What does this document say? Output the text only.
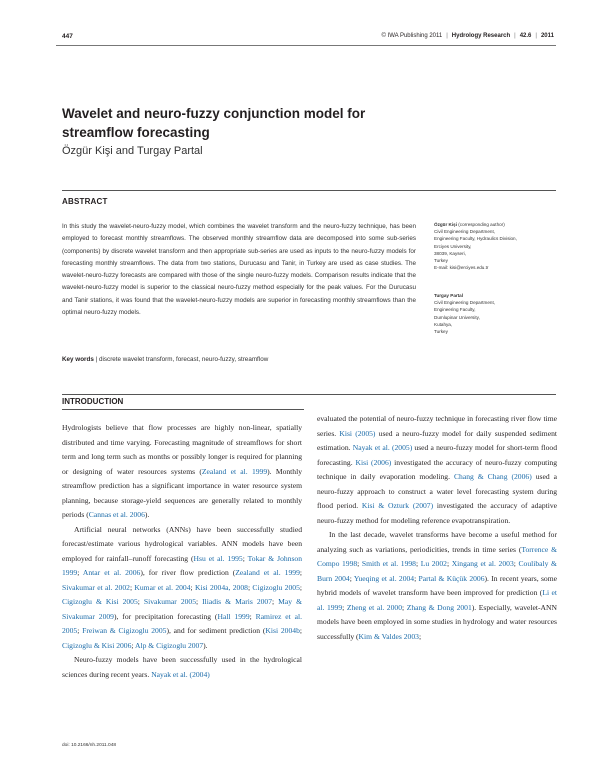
447	© IWA Publishing 2011 | Hydrology Research | 42.6 | 2011
Wavelet and neuro-fuzzy conjunction model for streamflow forecasting
Özgür Kişi and Turgay Partal
ABSTRACT
In this study the wavelet-neuro-fuzzy model, which combines the wavelet transform and the neuro-fuzzy technique, has been employed to forecast monthly streamflows. The observed monthly streamflow data are decomposed into some sub-series (components) by discrete wavelet transform and then appropriate sub-series are used as inputs to the neuro-fuzzy models for forecasting monthly streamflows. The data from two stations, Durucasu and Tanir, in Turkey are used as case studies. The wavelet-neuro-fuzzy forecasts are compared with those of the single neuro-fuzzy models. Comparison results indicate that the wavelet-neuro-fuzzy model is superior to the classical neuro-fuzzy method especially for the peak values. For the Durucasu and Tanir stations, it was found that the wavelet-neuro-fuzzy models are superior in forecasting monthly streamflows than the optimal neuro-fuzzy models.
Key words | discrete wavelet transform, forecast, neuro-fuzzy, streamflow
Özgür Kişi (corresponding author)
Civil Engineering Department,
Engineering Faculty, Hydraulics Division,
Erciyes University,
38039, Kayseri,
Turkey
E-mail: kisi@erciyes.edu.tr
Turgay Partal
Civil Engineering Department,
Engineering Faculty,
Dumlupinar University,
Kutahya,
Turkey
INTRODUCTION

Hydrologists believe that flow processes are highly non-linear, spatially distributed and time varying. Forecasting magnitude of streamflows for short term and long term such as months or possibly longer is required for planning or designing of water resources systems (Zealand et al. 1999). Monthly streamflow prediction has a significant importance in water resource system planning, because storage-yield sequences are generally related to monthly periods (Cannas et al. 2006).

Artificial neural networks (ANNs) have been successfully studied forecast/estimate various hydrological variables. ANN models have been employed for rainfall–runoff forecasting (Hsu et al. 1995; Tokar & Johnson 1999; Antar et al. 2006), for river flow prediction (Zealand et al. 1999; Sivakumar et al. 2002; Kumar et al. 2004; Kisi 2004a, 2008; Cigizoglu 2005; Cigizoglu & Kisi 2005; Sivakumar 2005; Iliadis & Maris 2007; May & Sivakumar 2009), for precipitation forecasting (Hall 1999; Ramirez et al. 2005; Freiwan & Cigizoglu 2005), and for sediment prediction (Kisi 2004b; Cigizoglu & Kisi 2006; Alp & Cigizoglu 2007).

Neuro-fuzzy models have been successfully used in the hydrological sciences during recent years. Nayak et al. (2004)

evaluated the potential of neuro-fuzzy technique in forecasting river flow time series. Kisi (2005) used a neuro-fuzzy model for daily suspended sediment estimation. Nayak et al. (2005) used a neuro-fuzzy model for short-term flood forecasting. Kisi (2006) investigated the accuracy of neuro-fuzzy computing technique in daily evaporation modeling. Chang & Chang (2006) used a neuro-fuzzy approach to construct a water level forecasting system during flood period. Kisi & Ozturk (2007) investigated the accuracy of adaptive neuro-fuzzy method for modeling reference evapotranspiration.

In the last decade, wavelet transforms have become a useful method for analyzing such as variations, periodicities, trends in time series (Torrence & Compo 1998; Smith et al. 1998; Lu 2002; Xingang et al. 2003; Coulibaly & Burn 2004; Yueqing et al. 2004; Partal & Küçük 2006). In recent years, some hybrid models of wavelet transform have been improved for prediction (Li et al. 1999; Zheng et al. 2000; Zhang & Dong 2001). Especially, wavelet-ANN models have been employed in some studies in hydrology and water resources successfully (Kim & Valdes 2003;

doi: 10.2166/nh.2011.048
